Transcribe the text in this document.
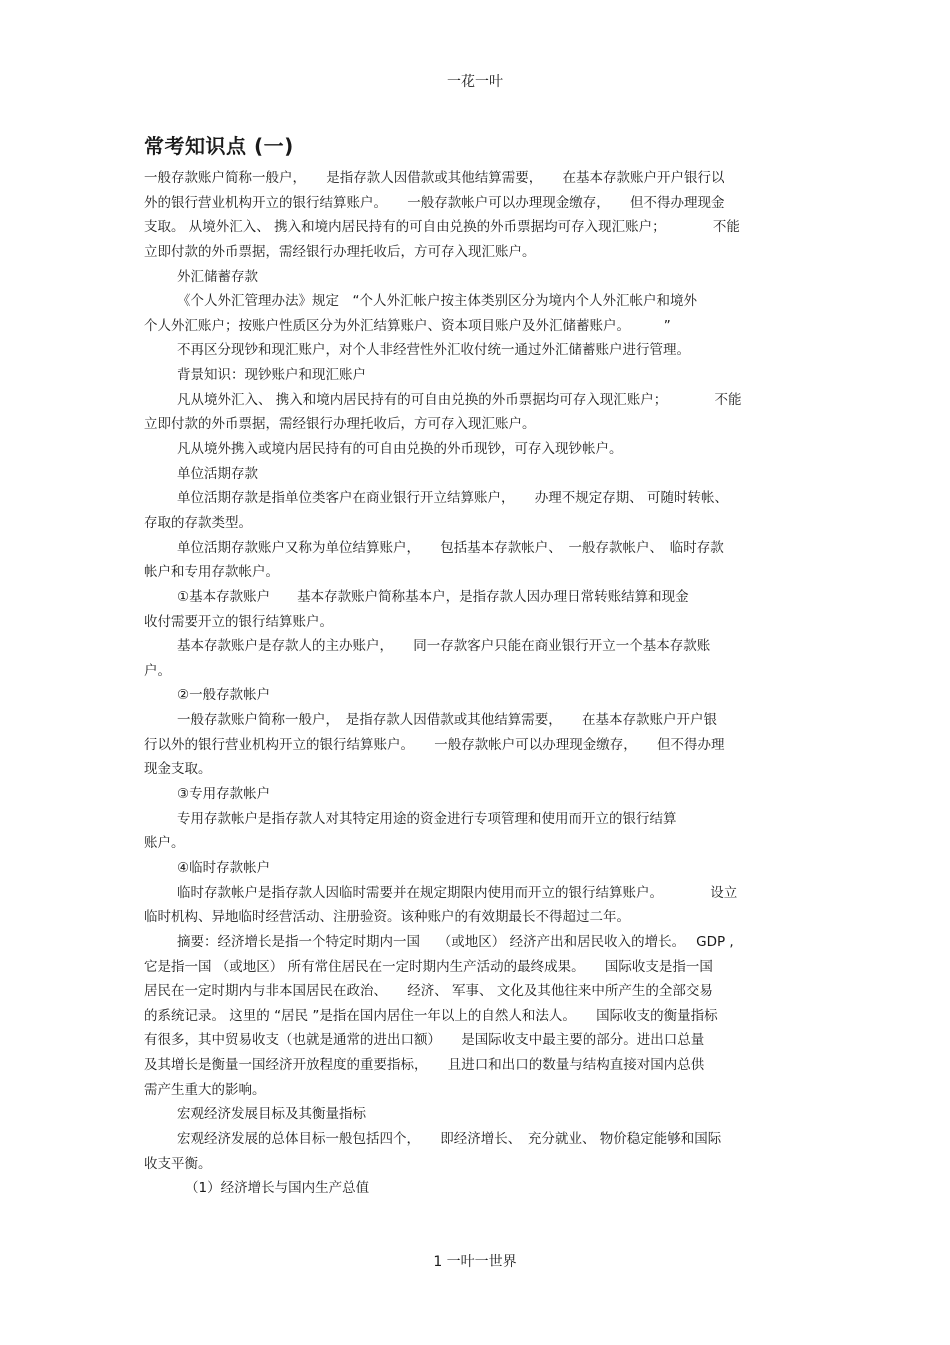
一花一叶
常考知识点 (一)
一般存款账户简称一般户，　　是指存款人因借款或其他结算需要，　　在基本存款账户开户银行以
外的银行营业机构开立的银行结算账户。　　一般存款帐户可以办理现金缴存，　　但不得办理现金
支取。 从境外汇入、 携入和境内居民持有的可自由兑换的外币票据均可存入现汇账户；　　　　不能
立即付款的外币票据，需经银行办理托收后，方可存入现汇账户。
外汇储蓄存款
《个人外汇管理办法》规定　“个人外汇帐户按主体类别区分为境内个人外汇帐户和境外
个人外汇账户；按账户性质区分为外汇结算账户、资本项目账户及外汇储蓄账户。　　　”
不再区分现钞和现汇账户，对个人非经营性外汇收付统一通过外汇储蓄账户进行管理。
背景知识：现钞账户和现汇账户
凡从境外汇入、 携入和境内居民持有的可自由兑换的外币票据均可存入现汇账户；　　　　不能
立即付款的外币票据，需经银行办理托收后，方可存入现汇账户。
凡从境外携入或境内居民持有的可自由兑换的外币现钞，可存入现钞帐户。
单位活期存款
单位活期存款是指单位类客户在商业银行开立结算账户，　　办理不规定存期、 可随时转帐、
存取的存款类型。
单位活期存款账户又称为单位结算账户，　　包括基本存款帐户、　一般存款帐户、　临时存款
帐户和专用存款帐户。
①基本存款账户　　基本存款账户简称基本户，是指存款人因办理日常转账结算和现金
收付需要开立的银行结算账户。
基本存款账户是存款人的主办账户，　　同一存款客户只能在商业银行开立一个基本存款账
户。
②一般存款帐户
一般存款账户简称一般户，　是指存款人因借款或其他结算需要，　　在基本存款账户开户银
行以外的银行营业机构开立的银行结算账户。　　一般存款帐户可以办理现金缴存，　　但不得办理
现金支取。
③专用存款帐户
专用存款帐户是指存款人对其特定用途的资金进行专项管理和使用而开立的银行结算
账户。
④临时存款帐户
临时存款帐户是指存款人因临时需要并在规定期限内使用而开立的银行结算账户。　　　　设立
临时机构、异地临时经营活动、注册验资。该种账户的有效期最长不得超过二年。
摘要：经济增长是指一个特定时期内一国　 （或地区） 经济产出和居民收入的增长。　 GDP ,
它是指一国 （或地区） 所有常住居民在一定时期内生产活动的最终成果。　　国际收支是指一国
居民在一定时期内与非本国居民在政治、　　经济、 军事、 文化及其他往来中所产生的全部交易
的系统记录。 这里的 “居民 ”是指在国内居住一年以上的自然人和法人。　　国际收支的衡量指标
有很多，其中贸易收支（也就是通常的进出口额）　　是国际收支中最主要的部分。进出口总量
及其增长是衡量一国经济开放程度的重要指标，　　且进口和出口的数量与结构直接对国内总供
需产生重大的影响。
宏观经济发展目标及其衡量指标
宏观经济发展的总体目标一般包括四个，　　即经济增长、　充分就业、 物价稳定能够和国际
收支平衡。
（1）经济增长与国内生产总值
1 一叶一世界
